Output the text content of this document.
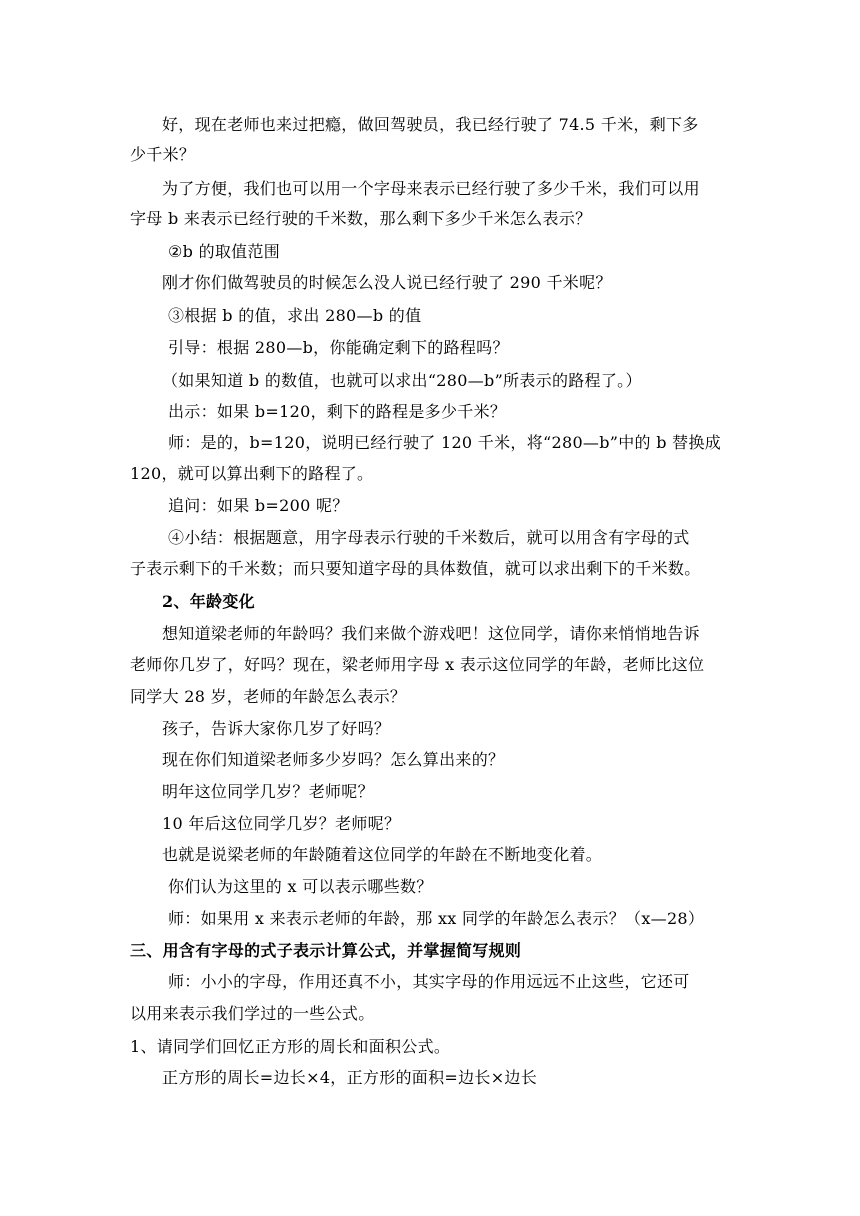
好，现在老师也来过把瘾，做回驾驶员，我已经行驶了 74.5 千米，剩下多
少千米？
为了方便，我们也可以用一个字母来表示已经行驶了多少千米，我们可以用
字母 b 来表示已经行驶的千米数，那么剩下多少千米怎么表示？
②b 的取值范围
刚才你们做驾驶员的时候怎么没人说已经行驶了 290 千米呢？
③根据 b 的值，求出 280—b 的值
引导：根据 280—b，你能确定剩下的路程吗？
（如果知道 b 的数值，也就可以求出“280—b”所表示的路程了。）
出示：如果 b=120，剩下的路程是多少千米？
师：是的，b=120，说明已经行驶了 120 千米，将“280—b”中的 b 替换成
120，就可以算出剩下的路程了。
追问：如果 b=200 呢？
④小结：根据题意，用字母表示行驶的千米数后，就可以用含有字母的式
子表示剩下的千米数；而只要知道字母的具体数值，就可以求出剩下的千米数。
2、年龄变化
想知道梁老师的年龄吗？我们来做个游戏吧！这位同学，请你来悄悄地告诉
老师你几岁了，好吗？现在，梁老师用字母 x 表示这位同学的年龄，老师比这位
同学大 28 岁，老师的年龄怎么表示？
孩子，告诉大家你几岁了好吗？
现在你们知道梁老师多少岁吗？怎么算出来的？
明年这位同学几岁？老师呢？
10 年后这位同学几岁？老师呢？
也就是说梁老师的年龄随着这位同学的年龄在不断地变化着。
你们认为这里的 x 可以表示哪些数？
师：如果用 x 来表示老师的年龄，那 xx 同学的年龄怎么表示？（x—28）
三、用含有字母的式子表示计算公式，并掌握简写规则
师：小小的字母，作用还真不小，其实字母的作用远远不止这些，它还可
以用来表示我们学过的一些公式。
1、请同学们回忆正方形的周长和面积公式。
正方形的周长=边长×4，正方形的面积=边长×边长
